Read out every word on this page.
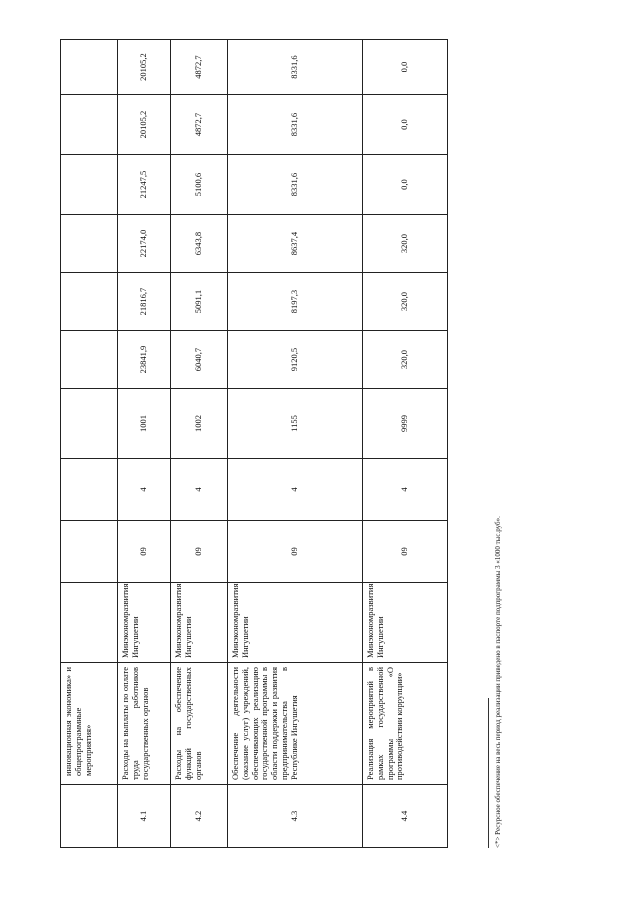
	инновационная экономика» и общепрограммные мероприятия»										
4.1	Расходы на выплаты по оплате труда работников государственных органов	Минэкономразвития Ингушетии	09	4	1001	23841,9	21816,7	22174,0	21247,5	20105,2	20105,2
4.2	Расходы на обеспечение функций государственных органов	Минэкономразвития Ингушетии	09	4	1002	6040,7	5091,1	6343,8	5100,6	4872,7	4872,7
4.3	Обеспечение деятельности (оказание услуг) учреждений, обеспечивающих реализацию государственной программы в области поддержки и развития предпринимательства в Республике Ингушетия	Минэкономразвития Ингушетии	09	4	1155	9120,5	8197,3	8637,4	8331,6	8331,6	8331,6
4.4	Реализация мероприятий в рамках государственной программы «О противодействии коррупции»	Минэкономразвития Ингушетии	09	4	9999	320,0	320,0	320,0	0,0	0,0	0,0
<*> Ресурсное обеспечение на весь период реализации приведено в паспорте подпрограммы 3 «1000 тыс.руб».
